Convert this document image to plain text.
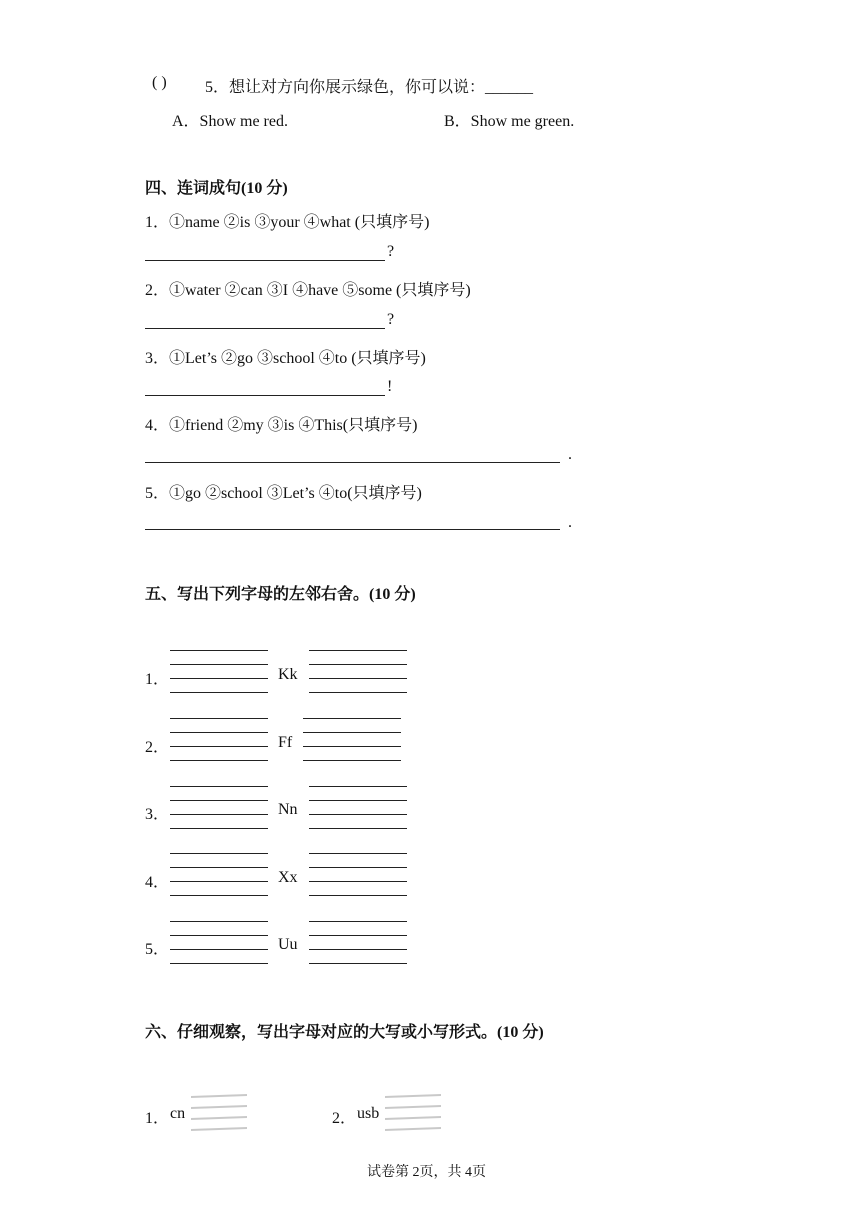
( ) 5．想让对方向你展示绿色，你可以说：______
A．Show me red.	B．Show me green.
四、连词成句(10 分)
1．①name ②is ③your ④what (只填序号)
?
2．①water ②can ③I ④have ⑤some (只填序号)
?
3．①Let’s ②go ③school ④to (只填序号)
!
4．①friend ②my ③is ④This(只填序号)
.
5．①go ②school ③Let’s ④to(只填序号)
.
五、写出下列字母的左邻右舍。(10 分)
1．	Kk
2．	Ff
3．	Nn
4．	Xx
5．	Uu
六、仔细观察，写出字母对应的大写或小写形式。(10 分)
1． cn	2． usb
试卷第 2页，共 4页
